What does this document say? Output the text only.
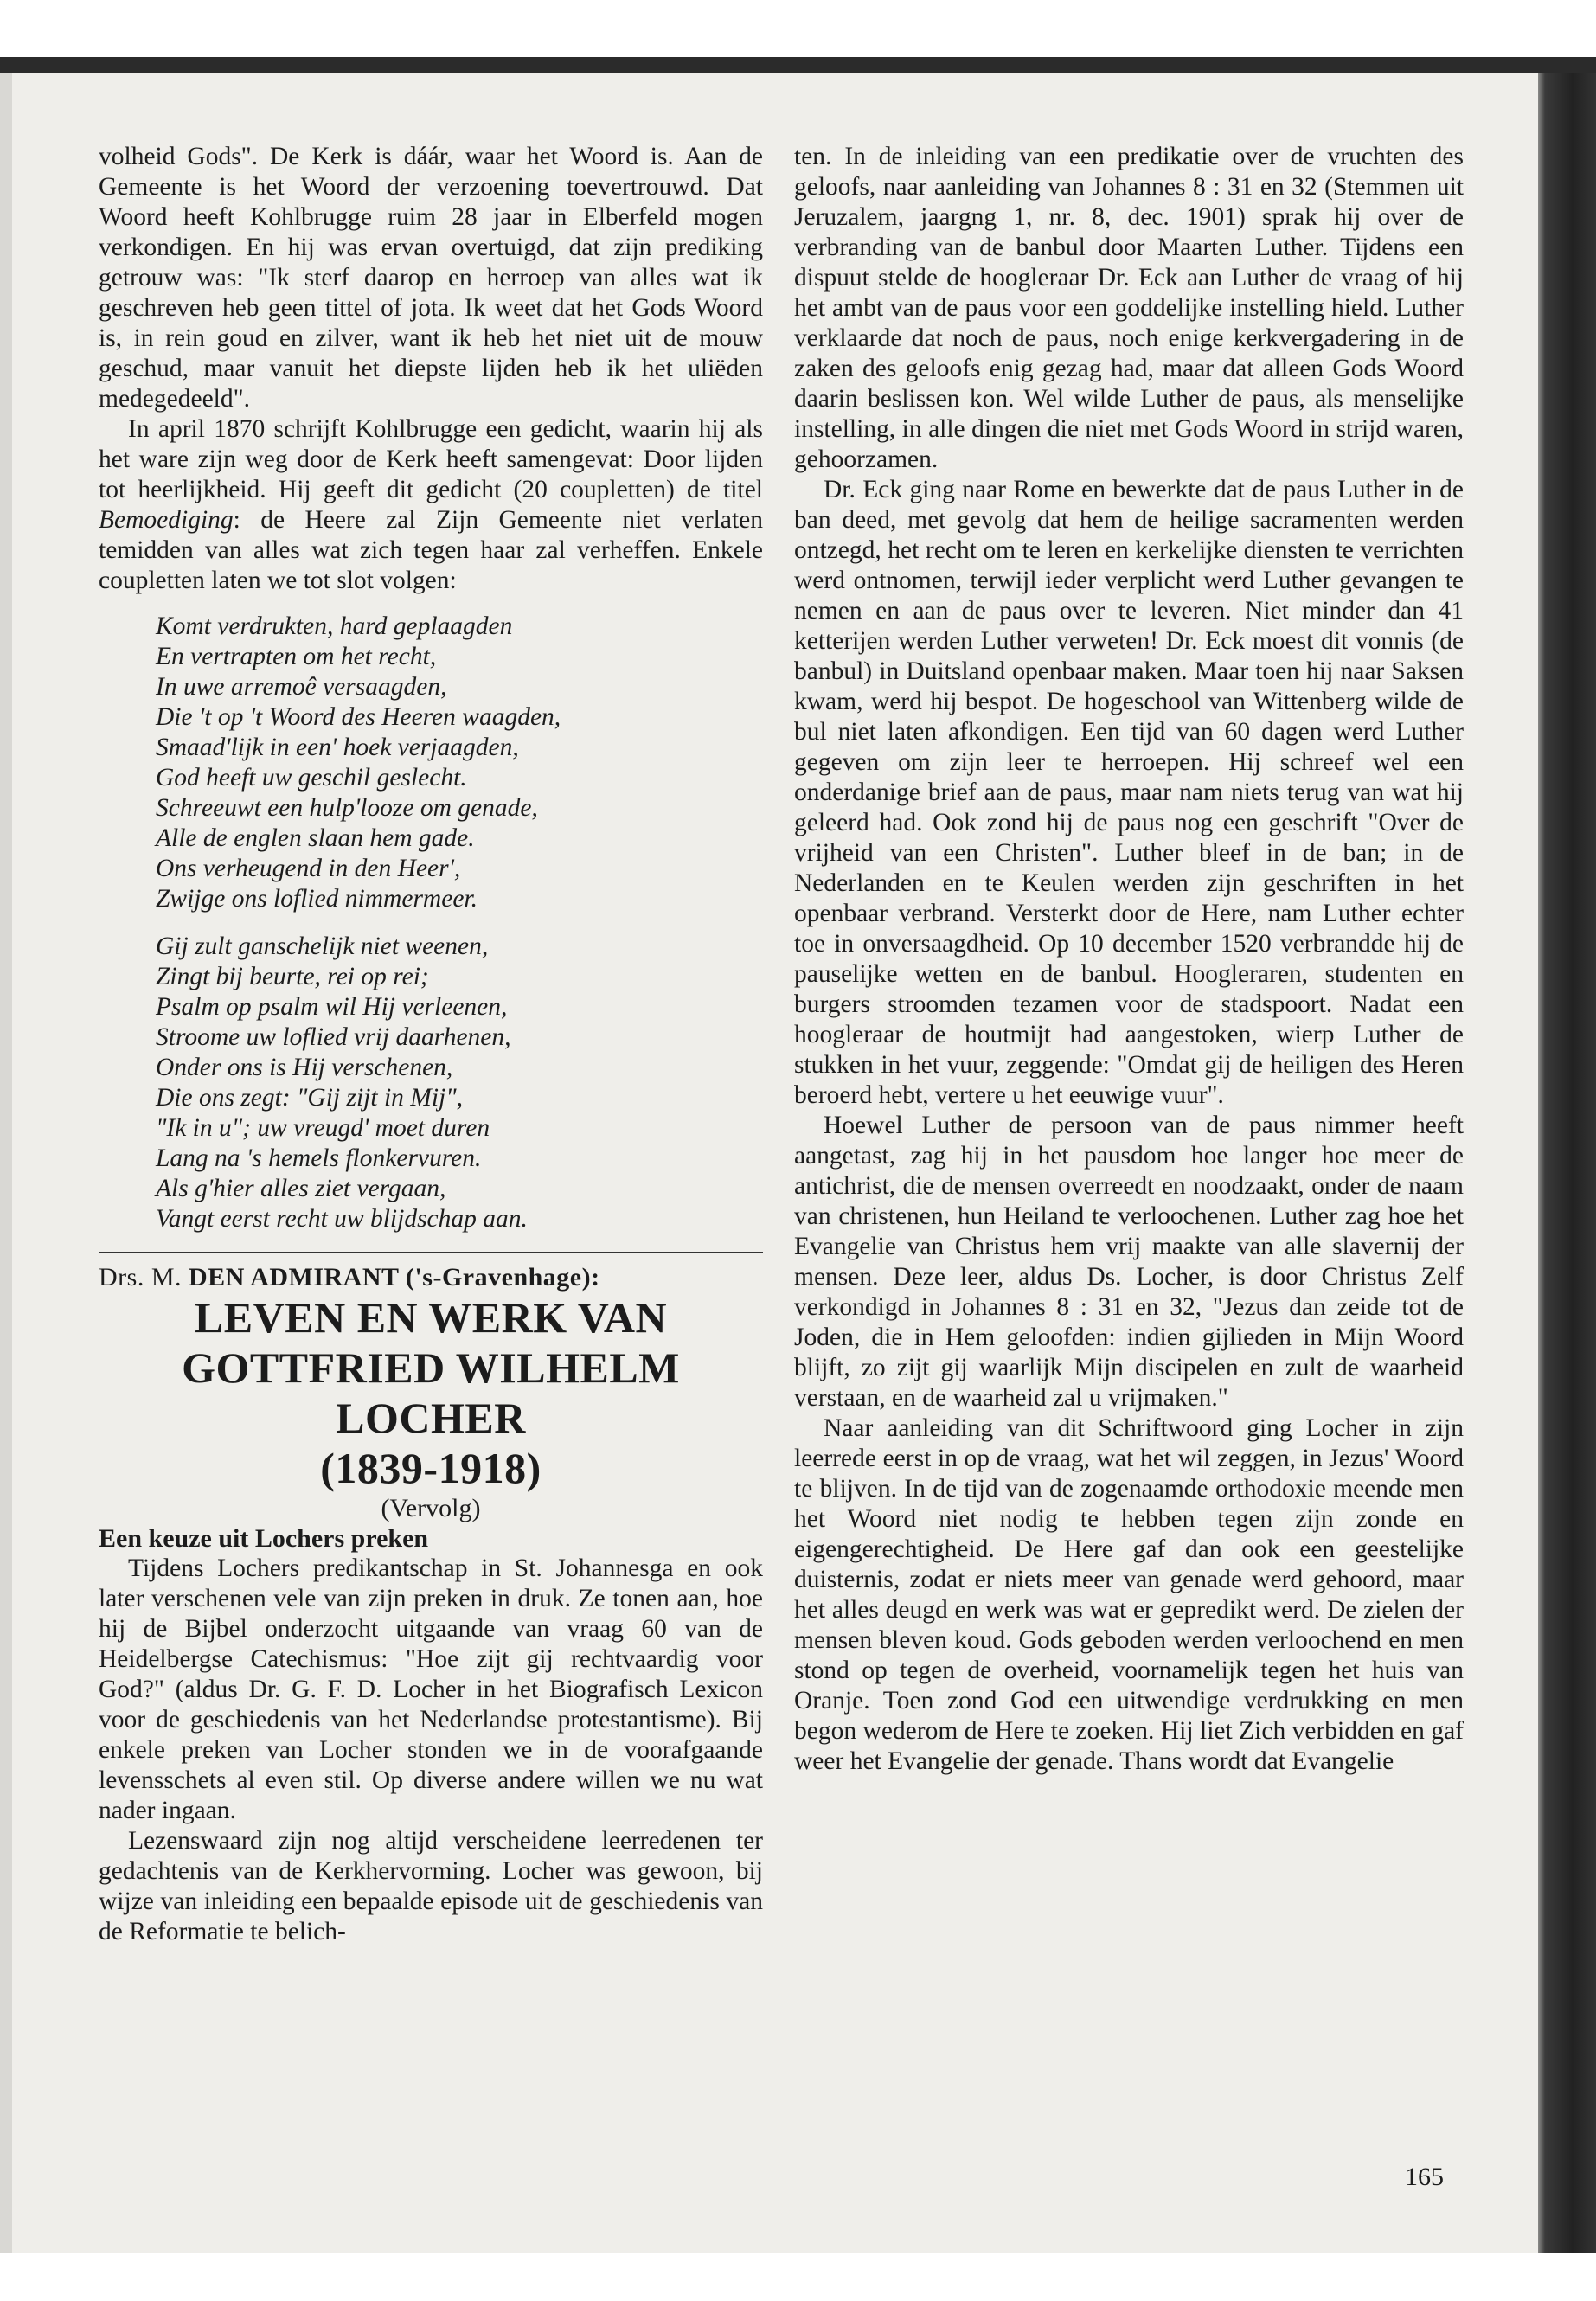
volheid Gods". De Kerk is dáár, waar het Woord is. Aan de Gemeente is het Woord der verzoening toevertrouwd. Dat Woord heeft Kohlbrugge ruim 28 jaar in Elberfeld mogen verkondigen. En hij was ervan overtuigd, dat zijn prediking getrouw was: "Ik sterf daarop en herroep van alles wat ik geschreven heb geen tittel of jota. Ik weet dat het Gods Woord is, in rein goud en zilver, want ik heb het niet uit de mouw geschud, maar vanuit het diepste lijden heb ik het uliëden medegedeeld".

In april 1870 schrijft Kohlbrugge een gedicht, waarin hij als het ware zijn weg door de Kerk heeft samengevat: Door lijden tot heerlijkheid. Hij geeft dit gedicht (20 coupletten) de titel Bemoediging: de Heere zal Zijn Gemeente niet verlaten temidden van alles wat zich tegen haar zal verheffen. Enkele coupletten laten we tot slot volgen:

Komt verdrukten, hard geplaagden
En vertrapten om het recht,
In uwe arremoê versaagden,
Die 't op 't Woord des Heeren waagden,
Smaad'lijk in een' hoek verjaagden,
God heeft uw geschil geslecht.
Schreeuwt een hulp'looze om genade,
Alle de englen slaan hem gade.
Ons verheugend in den Heer',
Zwijge ons loflied nimmermeer.
Gij zult ganschelijk niet weenen,
Zingt bij beurte, rei op rei;
Psalm op psalm wil Hij verleenen,
Stroome uw loflied vrij daarhenen,
Onder ons is Hij verschenen,
Die ons zegt: "Gij zijt in Mij",
"Ik in u"; uw vreugd' moet duren
Lang na 's hemels flonkervuren.
Als g'hier alles ziet vergaan,
Vangt eerst recht uw blijdschap aan.

Drs. M. DEN ADMIRANT ('s-Gravenhage):

LEVEN EN WERK VAN

GOTTFRIED WILHELM LOCHER

(1839-1918)

(Vervolg)

Een keuze uit Lochers preken

Tijdens Lochers predikantschap in St. Johannesga en ook later verschenen vele van zijn preken in druk. Ze tonen aan, hoe hij de Bijbel onderzocht uitgaande van vraag 60 van de Heidelbergse Catechismus: "Hoe zijt gij rechtvaardig voor God?" (aldus Dr. G. F. D. Locher in het Biografisch Lexicon voor de geschiedenis van het Nederlandse protestantisme). Bij enkele preken van Locher stonden we in de voorafgaande levensschets al even stil. Op diverse andere willen we nu wat nader ingaan.

Lezenswaard zijn nog altijd verscheidene leerredenen ter gedachtenis van de Kerkhervorming. Locher was gewoon, bij wijze van inleiding een bepaalde episode uit de geschiedenis van de Reformatie te belich-

ten. In de inleiding van een predikatie over de vruchten des geloofs, naar aanleiding van Johannes 8 : 31 en 32 (Stemmen uit Jeruzalem, jaargng 1, nr. 8, dec. 1901) sprak hij over de verbranding van de banbul door Maarten Luther. Tijdens een dispuut stelde de hoogleraar Dr. Eck aan Luther de vraag of hij het ambt van de paus voor een goddelijke instelling hield. Luther verklaarde dat noch de paus, noch enige kerkvergadering in de zaken des geloofs enig gezag had, maar dat alleen Gods Woord daarin beslissen kon. Wel wilde Luther de paus, als menselijke instelling, in alle dingen die niet met Gods Woord in strijd waren, gehoorzamen.

Dr. Eck ging naar Rome en bewerkte dat de paus Luther in de ban deed, met gevolg dat hem de heilige sacramenten werden ontzegd, het recht om te leren en kerkelijke diensten te verrichten werd ontnomen, terwijl ieder verplicht werd Luther gevangen te nemen en aan de paus over te leveren. Niet minder dan 41 ketterijen werden Luther verweten! Dr. Eck moest dit vonnis (de banbul) in Duitsland openbaar maken. Maar toen hij naar Saksen kwam, werd hij bespot. De hogeschool van Wittenberg wilde de bul niet laten afkondigen. Een tijd van 60 dagen werd Luther gegeven om zijn leer te herroepen. Hij schreef wel een onderdanige brief aan de paus, maar nam niets terug van wat hij geleerd had. Ook zond hij de paus nog een geschrift "Over de vrijheid van een Christen". Luther bleef in de ban; in de Nederlanden en te Keulen werden zijn geschriften in het openbaar verbrand. Versterkt door de Here, nam Luther echter toe in onversaagdheid. Op 10 december 1520 verbrandde hij de pauselijke wetten en de banbul. Hoogleraren, studenten en burgers stroomden tezamen voor de stadspoort. Nadat een hoogleraar de houtmijt had aangestoken, wierp Luther de stukken in het vuur, zeggende: "Omdat gij de heiligen des Heren beroerd hebt, vertere u het eeuwige vuur".

Hoewel Luther de persoon van de paus nimmer heeft aangetast, zag hij in het pausdom hoe langer hoe meer de antichrist, die de mensen overreedt en noodzaakt, onder de naam van christenen, hun Heiland te verloochenen. Luther zag hoe het Evangelie van Christus hem vrij maakte van alle slavernij der mensen. Deze leer, aldus Ds. Locher, is door Christus Zelf verkondigd in Johannes 8 : 31 en 32, "Jezus dan zeide tot de Joden, die in Hem geloofden: indien gijlieden in Mijn Woord blijft, zo zijt gij waarlijk Mijn discipelen en zult de waarheid verstaan, en de waarheid zal u vrijmaken."

Naar aanleiding van dit Schriftwoord ging Locher in zijn leerrede eerst in op de vraag, wat het wil zeggen, in Jezus' Woord te blijven. In de tijd van de zogenaamde orthodoxie meende men het Woord niet nodig te hebben tegen zijn zonde en eigengerechtigheid. De Here gaf dan ook een geestelijke duisternis, zodat er niets meer van genade werd gehoord, maar het alles deugd en werk was wat er gepredikt werd. De zielen der mensen bleven koud. Gods geboden werden verloochend en men stond op tegen de overheid, voornamelijk tegen het huis van Oranje. Toen zond God een uitwendige verdrukking en men begon wederom de Here te zoeken. Hij liet Zich verbidden en gaf weer het Evangelie der genade. Thans wordt dat Evangelie

165
